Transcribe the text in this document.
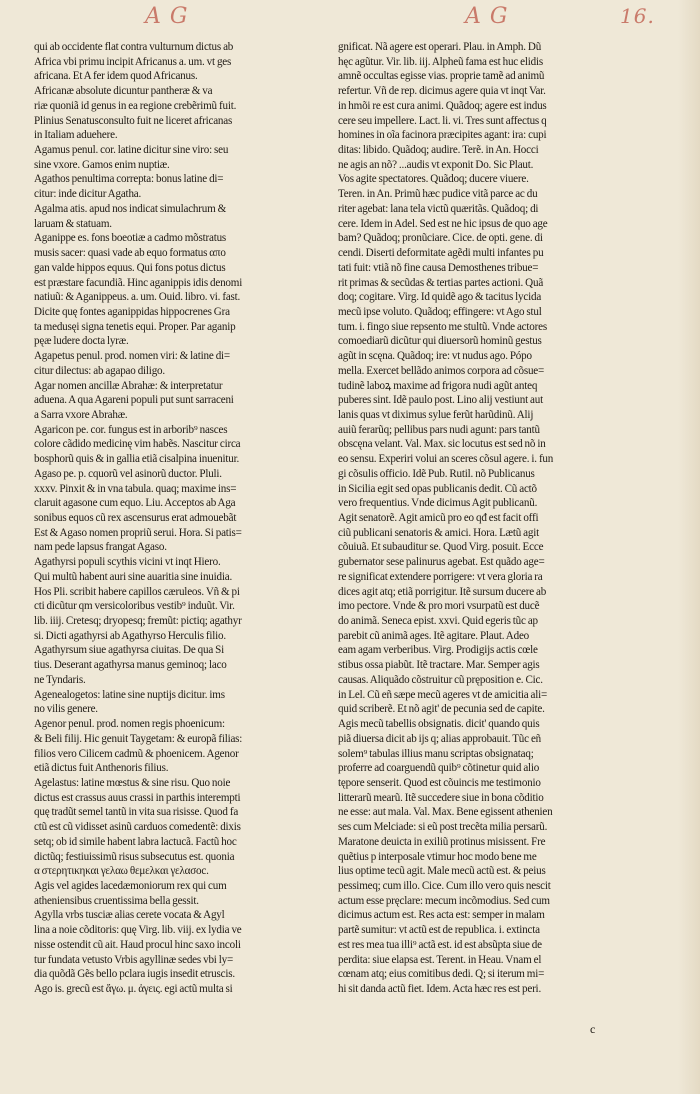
A G	A G	16.
qui ab occidente flat contra vulturnum dictus ab
Africa vbi primu incipit Africanus a. um. vt ges
africana. Et A fer idem quod Africanus.
Africanæ absolute dicuntur pantheræ & va
riæ quoniã id genus in ea regione crebẽrimũ fuit.
Plinius Senatusconsulto fuit ne liceret africanas
in Italiam aduehere.
Agamus penul. cor. latine dicitur sine viro: seu
sine vxore. Gamos enim nuptiæ.
Agathos penultima correpta: bonus latine di=
citur: inde dicitur Agatha.
Agalma atis. apud nos indicat simulachrum &
laruam & statuam.
Aganippe es. fons boeotiæ a cadmo mõstratus
musis sacer: quasi vade ab equo formatus απο
gan valde hippos equus. Qui fons potus dictus
est præstare facundiã. Hinc aganippis idis denomi
natiuũ: & Aganippeus. a. um. Ouid. libro. vi. fast.
Dicite quę fontes aganippidas hippocrenes Gra
ta medusęi signa tenetis equi. Proper. Par aganip
pęæ ludere docta lyræ.
Agapetus penul. prod. nomen viri: & latine di=
citur dilectus: ab agapao diligo.
Agar nomen ancillæ Abrahæ: & interpretatur
aduena. A qua Agareni populi put sunt sarraceni
a Sarra vxore Abrahæ.
Agaricon pe. cor. fungus est in arborib⁹ nasces
colore cãdido medicinę vim habẽs. Nascitur circa
bosphorũ quis & in gallia etiã cisalpina inuenitur.
Agaso pe. p. cquorũ vel asinorũ ductor. Pluli.
xxxv. Pinxit & in vna tabula. quaq; maxime ins=
claruit agasone cum equo. Liu. Acceptos ab Aga
sonibus equos cũ rex ascensurus erat admouebãt
Est & Agaso nomen propriũ serui. Hora. Si patis=
nam pede lapsus frangat Agaso.
Agathyrsi populi scythis vicini vt inqt Hiero.
Qui multũ habent auri sine auaritia sine inuidia.
Hos Pli. scribit habere capillos cæruleos. Vñ & pi
cti dicũtur qm versicoloribus vestib⁹ induũt. Vir.
lib. iiij. Cretesq; dryopesq; fremũt: pictiq; agathyr
si. Dicti agathyrsi ab Agathyrso Herculis filio.
Agathyrsum siue agathyrsa ciuitas. De qua Si
tius. Deserant agathyrsa manus geminoq; laco
ne Tyndaris.
Agenealogetos: latine sine nuptijs dicitur. ims
no vilis genere.
Agenor penul. prod. nomen regis phoenicum:
& Beli filij. Hic genuit Taygetam: & europã filias:
filios vero Cilicem cadmũ & phoenicem. Agenor
etiã dictus fuit Anthenoris filius.
Agelastus: latine mœstus & sine risu. Quo noie
dictus est crassus auus crassi in parthis interempti
quę tradũt semel tantũ in vita sua risisse. Quod fa
ctũ est cũ vidisset asinũ carduos comedentẽ: dixis
setq; ob id simile habent labra lactucã. Factũ hoc
dictũq; festiuissimũ risus subsecutus est. quonia
α στερητικηκαι γελαω θεμελκαι γελασοc.
Agis vel agides lacedæmoniorum rex qui cum
atheniensibus cruentissima bella gessit.
Agylla vrbs tusciæ alias cerete vocata & Agyl
lina a noie cõditoris: quę Virg. lib. viij. ex lydia ve
nisse ostendit cũ ait. Haud procul hinc saxo incoli
tur fundata vetusto Vrbis agyllinæ sedes vbi ly=
dia quõdã Gẽs bello pclara iugis insedit etruscis.
Ago is. grecũ est ἄγω. μ. ἀγεις. egi actũ multa si
gnificat. Nã agere est operari. Plau. in Amph. Dũ
hęc agũtur. Vir. lib. iij. Alpheũ fama est huc elidis
amnẽ occultas egisse vias. proprie tamẽ ad animũ
refertur. Vñ de rep. dicimus agere quia vt inqt Var.
in hmõi re est cura animi. Quãdoq; agere est indus
cere seu impellere. Lact. li. vi. Tres sunt affectus q
homines in oĩa facinora præcipites agant: ira: cupi
ditas: libido. Quãdoq; audire. Terẽ. in An. Hocci
ne agis an nõ? ...audis vt exponit Do. Sic Plaut.
Vos agite spectatores. Quãdoq; ducere viuere.
Teren. in An. Primũ hæc pudice vitã parce ac du
riter agebat: lana tela victũ quæritãs. Quãdoq; di
cere. Idem in Adel. Sed est ne hic ipsus de quo age
bam? Quãdoq; pronũciare. Cice. de opti. gene. di
cendi. Diserti deformitate agẽdi multi infantes pu
tati fuit: vtiã nõ fine causa Demosthenes tribue=
rit primas & secũdas & tertias partes actioni. Quã
doq; cogitare. Virg. Id quidẽ ago & tacitus lycida
mecũ ipse voluto. Quãdoq; effingere: vt Ago stul
tum. i. fingo siue repsento me stultũ. Vnde actores
comoediarũ dicũtur qui diuersorũ hominũ gestus
agũt in scęna. Quãdoq; ire: vt nudus ago. Pópo
mella. Exercet bellãdo animos corpora ad cõsue=
tudinẽ laboꝝ maxime ad frigora nudi agũt anteq
puberes sint. Idẽ paulo post. Lino alij vestiunt aut
lanis quas vt diximus sylue ferũt harũdinũ. Alij
auiũ ferarũq; pellibus pars nudi agunt: pars tantũ
obscęna velant. Val. Max. sic locutus est sed nõ in
eo sensu. Experiri volui an sceres cõsul agere. i. fun
gi cõsulis officio. Idẽ Pub. Rutil. nõ Publicanus
in Sicilia egit sed opas publicanis dedit. Cũ actõ
vero frequentius. Vnde dicimus Agit publicanũ.
Agit senatorẽ. Agit amicũ pro eo qđ est facit offi
ciũ publicani senatoris & amici. Hora. Lætũ agit
cõuiuã. Et subauditur se. Quod Virg. posuit. Ecce
gubernator sese palinurus agebat. Est quãdo age=
re significat extendere porrigere: vt vera gloria ra
dices agit atq; etiã porrigitur. Itẽ sursum ducere ab
imo pectore. Vnde & pro mori vsurpatũ est ducẽ
do animã. Seneca epist. xxvi. Quid egeris tũc ap
parebit cũ animã ages. Itẽ agitare. Plaut. Adeo
eam agam verberibus. Virg. Prodigijs actis cœle
stibus ossa piabũt. Itẽ tractare. Mar. Semper agis
causas. Aliquãdo cõstruitur cũ pręposition e. Cic.
in Lel. Cũ eñ sæpe mecũ ageres vt de amicitia ali=
quid scriberẽ. Et nõ agit' de pecunia sed de capite.
Agis mecũ tabellis obsignatis. dicit' quando quis
piã diuersa dicit ab ijs q; alias approbauit. Tũc eñ
solem⁹ tabulas illius manu scriptas obsignataq;
proferre ad coarguendũ quib⁹ cõtinetur quid alio
tępore senserit. Quod est cõuincis me testimonio
litterarũ mearũ. Itẽ succedere siue in bona cõditio
ne esse: aut mala. Val. Max. Bene egissent athenien
ses cum Melciade: si eũ post trecẽta milia persarũ.
Maratone deuicta in exiliũ protinus misissent. Fre
quẽtius p interposale vtimur hoc modo bene me
lius optime tecũ agit. Male mecũ actũ est. & peius
pessimeq; cum illo. Cice. Cum illo vero quis nescit
actum esse pręclare: mecum incõmodius. Sed cum
dicimus actum est. Res acta est: semper in malam
partẽ sumitur: vt actũ est de republica. i. extincta
est res mea tua illi⁹ actã est. id est absũpta siue de
perdita: siue elapsa est. Terent. in Heau. Vnam el
cœnam atq; eius comitibus dedi. Q; si iterum mi=
hi sit danda actũ fiet. Idem. Acta hæc res est peri.
c
